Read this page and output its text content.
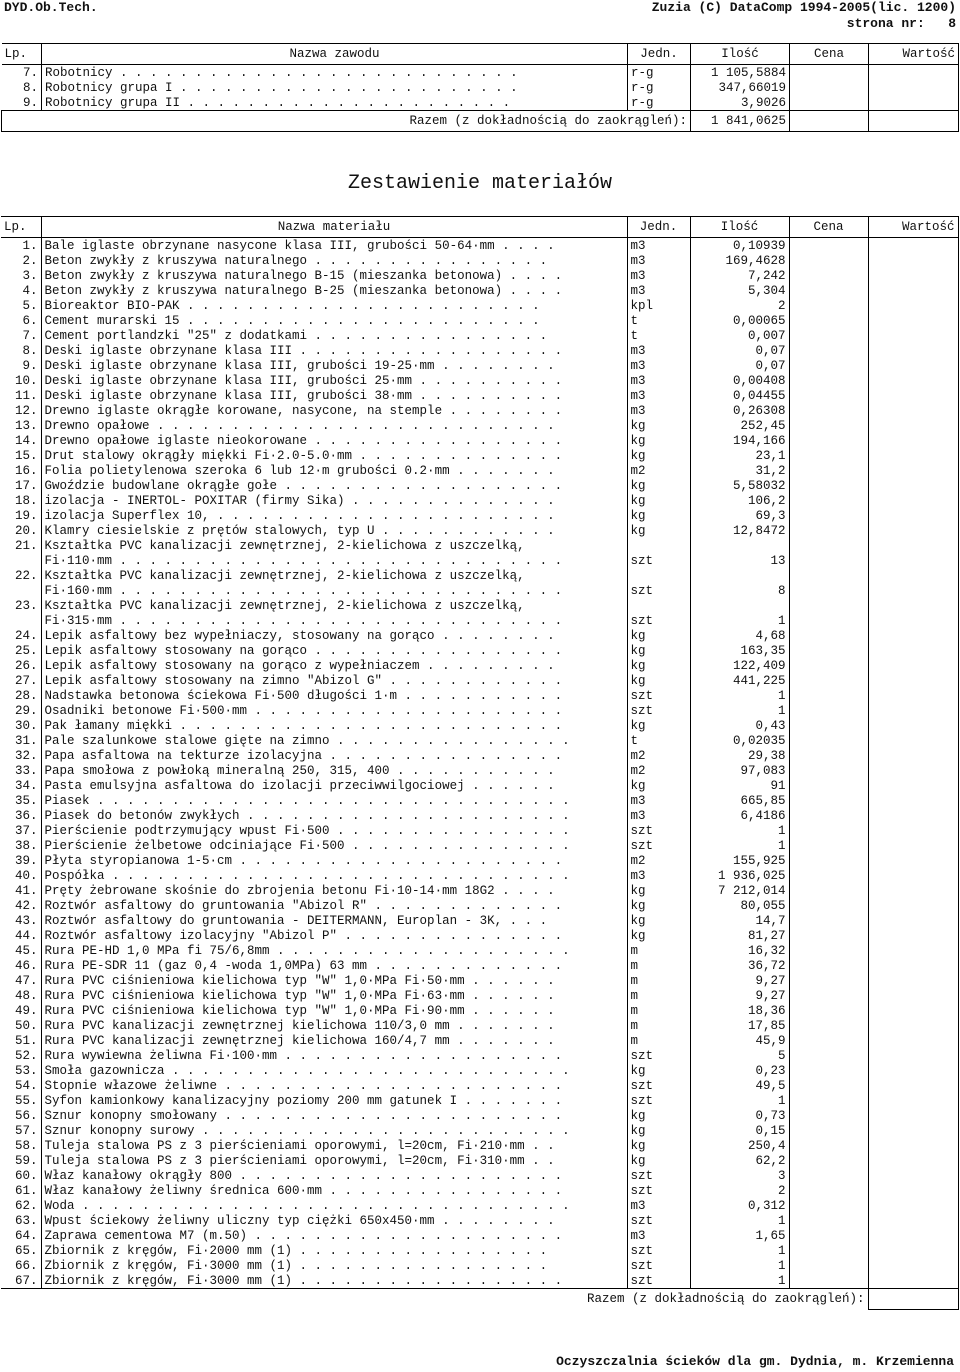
DYD.Ob.Tech.	Zuzia (C) DataComp 1994-2005(lic. 1200)
strona nr: 8
Lp.	Nazwa zawodu	Jedn.	Ilość	Cena	Wartość
7.	Robotnicy . . . . . . . . . . . . . . . . . . . . . . . . . . .	r-g	1 105,5884		
8.	Robotnicy grupa I . . . . . . . . . . . . . . . . . . . . . . .	r-g	347,66019		
9.	Robotnicy grupa II . . . . . . . . . . . . . . . . . . . . . .	r-g	3,9026		
Razem (z dokładnością do zaokrągleń):			1 841,0625		
Zestawienie materiałów
Lp.	Nazwa materiału	Jedn.	Ilość	Cena	Wartość
1.	Bale iglaste obrzynane nasycone klasa III, grubości 50-64·mm . . . .	m3	0,10939		
2.	Beton zwykły z kruszywa naturalnego . . . . . . . . . . . . . . . .	m3	169,4628		
3.	Beton zwykły z kruszywa naturalnego B-15 (mieszanka betonowa) . . . .	m3	7,242		
4.	Beton zwykły z kruszywa naturalnego B-25 (mieszanka betonowa) . . . .	m3	5,304		
5.	Bioreaktor BIO-PAK . . . . . . . . . . . . . . . . . . . . . . . .	kpl	2		
6.	Cement murarski 15 . . . . . . . . . . . . . . . . . . . . . . . .	t	0,00065		
7.	Cement portlandzki "25" z dodatkami . . . . . . . . . . . . . . . .	t	0,007		
8.	Deski iglaste obrzynane klasa III . . . . . . . . . . . . . . . . . .	m3	0,07		
9.	Deski iglaste obrzynane klasa III, grubości 19-25·mm . . . . . . . .	m3	0,07		
10.	Deski iglaste obrzynane klasa III, grubości 25·mm . . . . . . . . . .	m3	0,00408		
11.	Deski iglaste obrzynane klasa III, grubości 38·mm . . . . . . . . . .	m3	0,04455		
12.	Drewno iglaste okrągłe korowane, nasycone, na stemple . . . . . . . .	m3	0,26308		
13.	Drewno opałowe . . . . . . . . . . . . . . . . . . . . . . . . . . .	kg	252,45		
14.	Drewno opałowe iglaste nieokorowane . . . . . . . . . . . . . . . . .	kg	194,166		
15.	Drut stalowy okrągły miękki Fi·2.0-5.0·mm . . . . . . . . . . . . . .	kg	23,1		
16.	Folia polietylenowa szeroka 6 lub 12·m grubości 0.2·mm . . . . . . .	m2	31,2		
17.	Gwoździe budowlane okrągłe gołe . . . . . . . . . . . . . . . . . . .	kg	5,58032		
18.	izolacja - INERTOL- POXITAR (firmy Sika) . . . . . . . . . . . . . .	kg	106,2		
19.	izolacja Superflex 10, . . . . . . . . . . . . . . . . . . . . . . .	kg	69,3		
20.	Klamry ciesielskie z prętów stalowych, typ U . . . . . . . . . . . .	kg	12,8472		
21.	Kształtka PVC kanalizacji zewnętrznej, 2-kielichowa z uszczelką,				
	Fi·110·mm . . . . . . . . . . . . . . . . . . . . . . . . . . . . . .	szt	13		
22.	Kształtka PVC kanalizacji zewnętrznej, 2-kielichowa z uszczelką,				
	Fi·160·mm . . . . . . . . . . . . . . . . . . . . . . . . . . . . . .	szt	8		
23.	Kształtka PVC kanalizacji zewnętrznej, 2-kielichowa z uszczelką,				
	Fi·315·mm . . . . . . . . . . . . . . . . . . . . . . . . . . . . . .	szt	1		
24.	Lepik asfaltowy bez wypełniaczy, stosowany na gorąco . . . . . . . .	kg	4,68		
25.	Lepik asfaltowy stosowany na gorąco . . . . . . . . . . . . . . . . .	kg	163,35		
26.	Lepik asfaltowy stosowany na gorąco z wypełniaczem . . . . . . . . .	kg	122,409		
27.	Lepik asfaltowy stosowany na zimno "Abizol G" . . . . . . . . . . . .	kg	441,225		
28.	Nadstawka betonowa ściekowa Fi·500 długości 1·m . . . . . . . . . . .	szt	1		
29.	Osadniki betonowe Fi·500·mm . . . . . . . . . . . . . . . . . . . . .	szt	1		
30.	Pak łamany miękki . . . . . . . . . . . . . . . . . . . . . . . . . .	kg	0,43		
31.	Pale szalunkowe stalowe gięte na zimno . . . . . . . . . . . . . . . .	t	0,02035		
32.	Papa asfaltowa na tekturze izolacyjna . . . . . . . . . . . . . . . .	m2	29,38		
33.	Papa smołowa z powłoką mineralną 250, 315, 400 . . . . . . . . . . .	m2	97,083		
34.	Pasta emulsyjna asfaltowa do izolacji przeciwwilgociowej . . . . . .	kg	91		
35.	Piasek . . . . . . . . . . . . . . . . . . . . . . . . . . . . . . . .	m3	665,85		
36.	Piasek do betonów zwykłych . . . . . . . . . . . . . . . . . . . . . .	m3	6,4186		
37.	Pierścienie podtrzymujący wpust Fi·500 . . . . . . . . . . . . . . . .	szt	1		
38.	Pierścienie żelbetowe odciniające Fi·500 . . . . . . . . . . . . . . .	szt	1		
39.	Płyta styropianowa 1-5·cm . . . . . . . . . . . . . . . . . . . . . .	m2	155,925		
40.	Pospółka . . . . . . . . . . . . . . . . . . . . . . . . . . . . . . .	m3	1 936,025		
41.	Pręty żebrowane skośnie do zbrojenia betonu Fi·10-14·mm 18G2 . . . .	kg	7 212,014		
42.	Roztwór asfaltowy do gruntowania "Abizol R" . . . . . . . . . . . . .	kg	80,055		
43.	Roztwór asfaltowy do gruntowania - DEITERMANN, Europlan - 3K, . . .	kg	14,7		
44.	Roztwór asfaltowy izolacyjny "Abizol P" . . . . . . . . . . . . . . .	kg	81,27		
45.	Rura PE-HD 1,0 MPa fi 75/6,8mm . . . . . . . . . . . . . . . . . . . .	m	16,32		
46.	Rura PE-SDR 11 (gaz 0,4 -woda 1,0MPa) 63 mm . . . . . . . . . . . . .	m	36,72		
47.	Rura PVC ciśnieniowa kielichowa typ "W" 1,0·MPa Fi·50·mm . . . . . .	m	9,27		
48.	Rura PVC ciśnieniowa kielichowa typ "W" 1,0·MPa Fi·63·mm . . . . . .	m	9,27		
49.	Rura PVC ciśnieniowa kielichowa typ "W" 1,0·MPa Fi·90·mm . . . . . .	m	18,36		
50.	Rura PVC kanalizacji zewnętrznej kielichowa 110/3,0 mm . . . . . . .	m	17,85		
51.	Rura PVC kanalizacji zewnętrznej kielichowa 160/4,7 mm . . . . . . .	m	45,9		
52.	Rura wywiewna żeliwna Fi·100·mm . . . . . . . . . . . . . . . . . . .	szt	5		
53.	Smoła gazownicza . . . . . . . . . . . . . . . . . . . . . . . . . . .	kg	0,23		
54.	Stopnie włazowe żeliwne . . . . . . . . . . . . . . . . . . . . . . .	szt	49,5		
55.	Syfon kamionkowy kanalizacyjny poziomy 200 mm gatunek I . . . . . . .	szt	1		
56.	Sznur konopny smołowany . . . . . . . . . . . . . . . . . . . . . . .	kg	0,73		
57.	Sznur konopny surowy . . . . . . . . . . . . . . . . . . . . . . . . .	kg	0,15		
58.	Tuleja stalowa PS z 3 pierścieniami oporowymi, l=20cm, Fi·210·mm . .	kg	250,4		
59.	Tuleja stalowa PS z 3 pierścieniami oporowymi, l=20cm, Fi·310·mm . .	kg	62,2		
60.	Właz kanałowy okrągły 800 . . . . . . . . . . . . . . . . . . . . . .	szt	3		
61.	Właz kanałowy żeliwny średnica 600·mm . . . . . . . . . . . . . . . .	szt	2		
62.	Woda . . . . . . . . . . . . . . . . . . . . . . . . . . . . . . . . .	m3	0,312		
63.	Wpust ściekowy żeliwny uliczny typ ciężki 650x450·mm . . . . . . . .	szt	1		
64.	Zaprawa cementowa M7 (m.50) . . . . . . . . . . . . . . . . . . . . .	m3	1,65		
65.	Zbiornik z kręgów, Fi·2000 mm (1) . . . . . . . . . . . . . . . . .	szt	1		
66.	Zbiornik z kręgów, Fi·3000 mm (1) . . . . . . . . . . . . . . . . .	szt	1		
67.	Zbiornik z kręgów, Fi·3000 mm (1) . . . . . . . . . . . . . . . . . .	szt	1		
	Razem (z dokładnością do zaokrągleń):				
Oczyszczalnia ścieków dla gm. Dydnia, m. Krzemienna
